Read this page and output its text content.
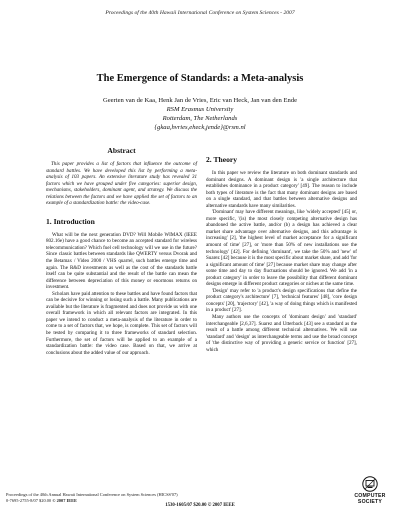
Proceedings of the 40th Hawaii International Conference on System Sciences - 2007
The Emergence of Standards: a Meta-analysis
Geerten van de Kaa, Henk Jan de Vries, Eric van Heck, Jan van den Ende
RSM Erasmus University
Rotterdam, The Netherlands
{gkaa,hvries,eheck,jende}@rsm.nl
Abstract

This paper provides a list of factors that influence the outcome of standard battles. We have developed this list by performing a meta-analysis of 103 papers. An extensive literature study has revealed 31 factors which we have grouped under five categories: superior design, mechanisms, stakeholders, dominant agent, and strategy. We discuss the relations between the factors and we have applied the set of factors to an example of a standardization battle: the video-case.

1. Introduction

What will be the next generation DVD? Will Mobile WIMAX (IEEE 802.16e) have a good chance to become an accepted standard for wireless telecommunication? Which fuel cell technology will we use in the future? Since classic battles between standards like QWERTY versus Dvorak and the Betamax / Video 2000 / VHS quarrel, such battles emerge time and again. The R&D investments as well as the cost of the standards battle itself can be quite substantial and the result of the battle can mean the difference between depreciation of this money or enormous returns on investment.

Scholars have paid attention to these battles and have found factors that can be decisive for winning or losing such a battle. Many publications are available but the literature is fragmented and does not provide us with one overall framework in which all relevant factors are integrated. In this paper we intend to conduct a meta-analysis of the literature in order to come to a set of factors that, we hope, is complete. This set of factors will be tested by comparing it to three frameworks of standard selection. Furthermore, the set of factors will be applied to an example of a standardization battle: the video case. Based on that, we arrive at conclusions about the added value of our approach.

2. Theory

In this paper we review the literature on both dominant standards and dominant designs. A dominant design is 'a single architecture that establishes dominance in a product category' [49]. The reason to include both types of literature is the fact that many dominant designs are based on a single standard, and that battles between alternative designs and alternative standards have many similarities.

'Dominant' may have different meanings, like 'widely accepted' [45] or, more specific, '(is) the most closely competing alternative design has abandoned the active battle, and/or (b) a design has achieved a clear market share advantage over alternative designs, and this advantage is increasing' [2], 'the highest level of market acceptance for a significant amount of time' [27], or 'more than 50% of new installations use the technology' [42]. For defining 'dominant', we take the 50% and 'new' of Suarez [42] because it is the most specific about market share, and add 'for a significant amount of time' [27] because market share may change after some time and day to day fluctuations should be ignored. We add 'in a product category' in order to leave the possibility that different dominant designs emerge in different product categories or niches at the same time.

'Design' may refer to 'a product's design specifications that define the product category's architecture' [7], 'technical features' [48], 'core design concepts' [20], 'trajectory' [42], 'a way of doing things which is manifested in a product' [27].

Many authors use the concepts of 'dominant design' and 'standard' interchangeable [2,6,37]. Suarez and Utterback [43] see a standard as the result of a battle among different technical alternatives. We will use 'standard' and 'design' as interchangeable terms and use the broad concept of 'the distinctive way of providing a generic service or function' [27], which

Proceedings of the 40th Annual Hawaii International Conference on System Sciences (HICSS'07)
0-7695-2755-8/07 $20.00 © 2007 IEEE
1530-1605/07 $20.00 © 2007 IEEE
COMPUTER
SOCIETY
